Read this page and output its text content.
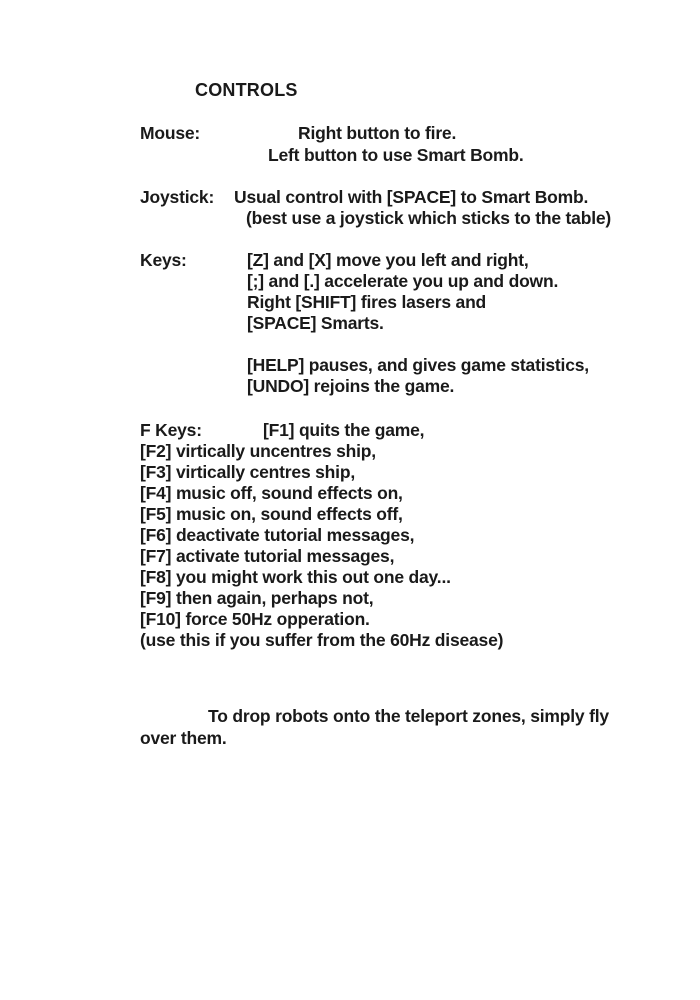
CONTROLS
Mouse:	Right button to fire.
Left button to use Smart Bomb.
Joystick: Usual control with [SPACE] to Smart Bomb.
(best use a joystick which sticks to the table)
Keys:	[Z] and [X] move you left and right,
[;] and [.] accelerate you up and down.
Right [SHIFT] fires lasers and
[SPACE] Smarts.
[HELP] pauses, and gives game statistics,
[UNDO] rejoins the game.
F Keys:	[F1] quits the game,
[F2] virtically uncentres ship,
[F3] virtically centres ship,
[F4] music off, sound effects on,
[F5] music on, sound effects off,
[F6] deactivate tutorial messages,
[F7] activate tutorial messages,
[F8] you might work this out one day...
[F9] then again, perhaps not,
[F10] force 50Hz opperation.
(use this if you suffer from the 60Hz disease)
To drop robots onto the teleport zones, simply fly
over them.
